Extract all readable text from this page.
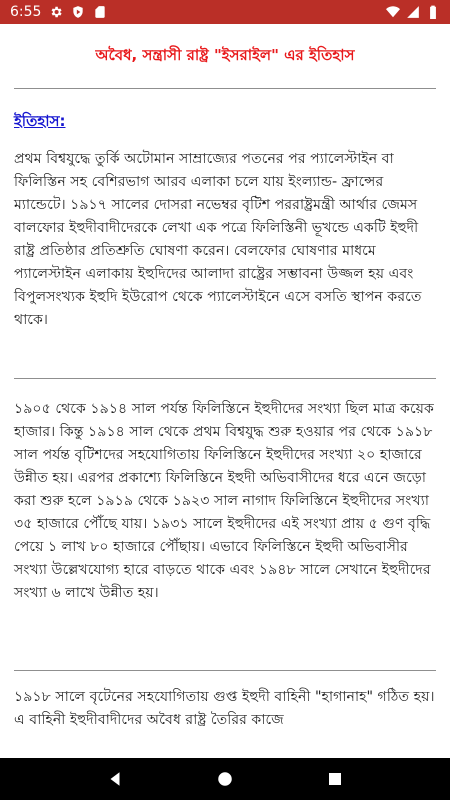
6:55
অবৈধ, সন্ত্রাসী রাষ্ট্র "ইসরাইল" এর ইতিহাস
ইতিহাস:

প্রথম বিশ্বযুদ্ধে তুর্কি অটোমান সাম্রাজ্যের পতনের পর প্যালেস্টাইন বা ফিলিস্তিন সহ বেশিরভাগ আরব এলাকা চলে যায় ইংল্যান্ড- ফ্রান্সের ম্যান্ডেটে। ১৯১৭ সালের দোসরা নভেম্বর বৃটিশ পররাষ্ট্রমন্ত্রী আর্থার জেমস বালফোর ইহুদীবাদীদেরকে লেখা এক পত্রে ফিলিস্তিনী ভূখন্ডে একটি ইহুদী রাষ্ট্র প্রতিষ্ঠার প্রতিশ্রুতি ঘোষণা করেন। বেলফোর ঘোষণার মাধমে প্যালেস্টাইন এলাকায় ইহুদিদের আলাদা রাষ্ট্রের সম্ভাবনা উজ্জল হয় এবং বিপুলসংখ্যক ইহুদি ইউরোপ থেকে প্যালেস্টাইনে এসে বসতি স্থাপন করতে থাকে।

১৯০৫ থেকে ১৯১৪ সাল পর্যন্ত ফিলিস্তিনে ইহুদীদের সংখ্যা ছিল মাত্র কয়েক হাজার। কিন্তু ১৯১৪ সাল থেকে প্রথম বিশ্বযুদ্ধ শুরু হওয়ার পর থেকে ১৯১৮ সাল পর্যন্ত বৃটিশদের সহযোগিতায় ফিলিস্তিনে ইহুদীদের সংখ্যা ২০ হাজারে উন্নীত হয়। এরপর প্রকাশ্যে ফিলিস্তিনে ইহুদী অভিবাসীদের ধরে এনে জড়ো করা শুরু হলে ১৯১৯ থেকে ১৯২৩ সাল নাগাদ ফিলিস্তিনে ইহুদীদের সংখ্যা ৩৫ হাজারে পৌঁছে যায়। ১৯৩১ সালে ইহুদীদের এই সংখ্যা প্রায় ৫ গুণ বৃদ্ধি পেয়ে ১ লাখ ৮০ হাজারে পৌঁছায়। এভাবে ফিলিস্তিনে ইহুদী অভিবাসীর সংখ্যা উল্লেখযোগ্য হারে বাড়তে থাকে এবং ১৯৪৮ সালে সেখানে ইহুদীদের সংখ্যা ৬ লাখে উন্নীত হয়।

১৯১৮ সালে বৃটেনের সহযোগিতায় গুপ্ত ইহুদী বাহিনী "হাগানাহ" গঠিত হয়। এ বাহিনী ইহুদীবাদীদের অবৈধ রাষ্ট্র তৈরির কাজে
